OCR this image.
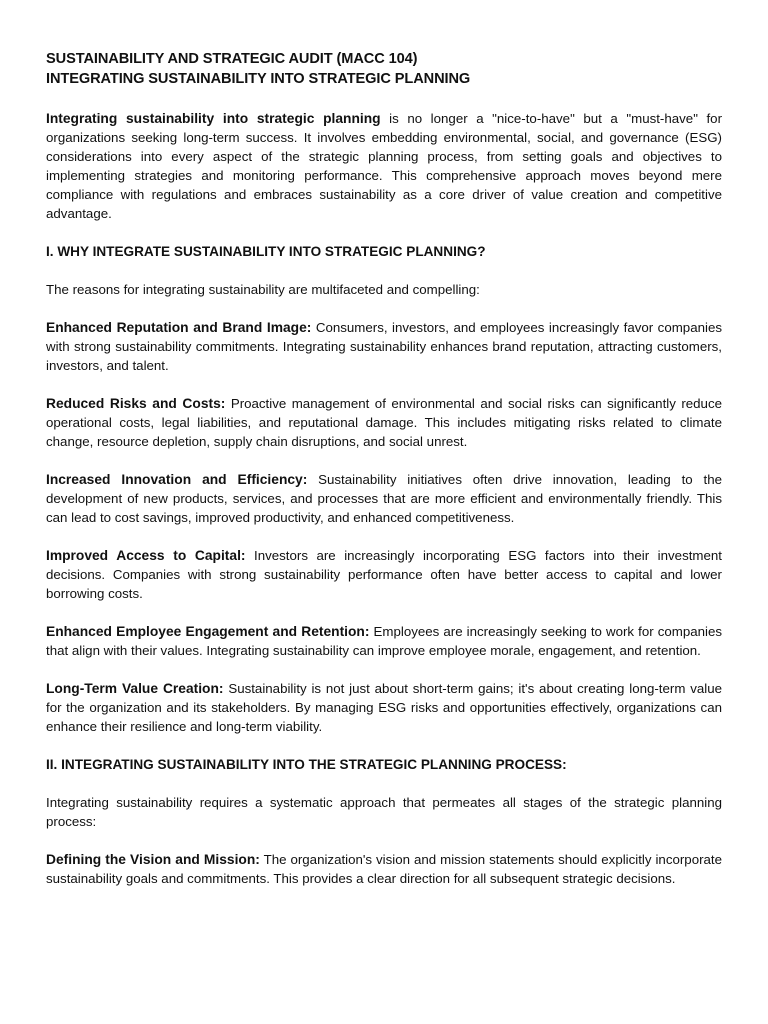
SUSTAINABILITY AND STRATEGIC AUDIT (MACC 104)
INTEGRATING SUSTAINABILITY INTO STRATEGIC PLANNING

Integrating sustainability into strategic planning is no longer a "nice-to-have" but a "must-have" for organizations seeking long-term success. It involves embedding environmental, social, and governance (ESG) considerations into every aspect of the strategic planning process, from setting goals and objectives to implementing strategies and monitoring performance. This comprehensive approach moves beyond mere compliance with regulations and embraces sustainability as a core driver of value creation and competitive advantage.

I. WHY INTEGRATE SUSTAINABILITY INTO STRATEGIC PLANNING?

The reasons for integrating sustainability are multifaceted and compelling:

Enhanced Reputation and Brand Image: Consumers, investors, and employees increasingly favor companies with strong sustainability commitments. Integrating sustainability enhances brand reputation, attracting customers, investors, and talent.

Reduced Risks and Costs: Proactive management of environmental and social risks can significantly reduce operational costs, legal liabilities, and reputational damage. This includes mitigating risks related to climate change, resource depletion, supply chain disruptions, and social unrest.

Increased Innovation and Efficiency: Sustainability initiatives often drive innovation, leading to the development of new products, services, and processes that are more efficient and environmentally friendly. This can lead to cost savings, improved productivity, and enhanced competitiveness.

Improved Access to Capital: Investors are increasingly incorporating ESG factors into their investment decisions. Companies with strong sustainability performance often have better access to capital and lower borrowing costs.

Enhanced Employee Engagement and Retention: Employees are increasingly seeking to work for companies that align with their values. Integrating sustainability can improve employee morale, engagement, and retention.

Long-Term Value Creation: Sustainability is not just about short-term gains; it's about creating long-term value for the organization and its stakeholders. By managing ESG risks and opportunities effectively, organizations can enhance their resilience and long-term viability.

II. INTEGRATING SUSTAINABILITY INTO THE STRATEGIC PLANNING PROCESS:

Integrating sustainability requires a systematic approach that permeates all stages of the strategic planning process:

Defining the Vision and Mission: The organization's vision and mission statements should explicitly incorporate sustainability goals and commitments. This provides a clear direction for all subsequent strategic decisions.
